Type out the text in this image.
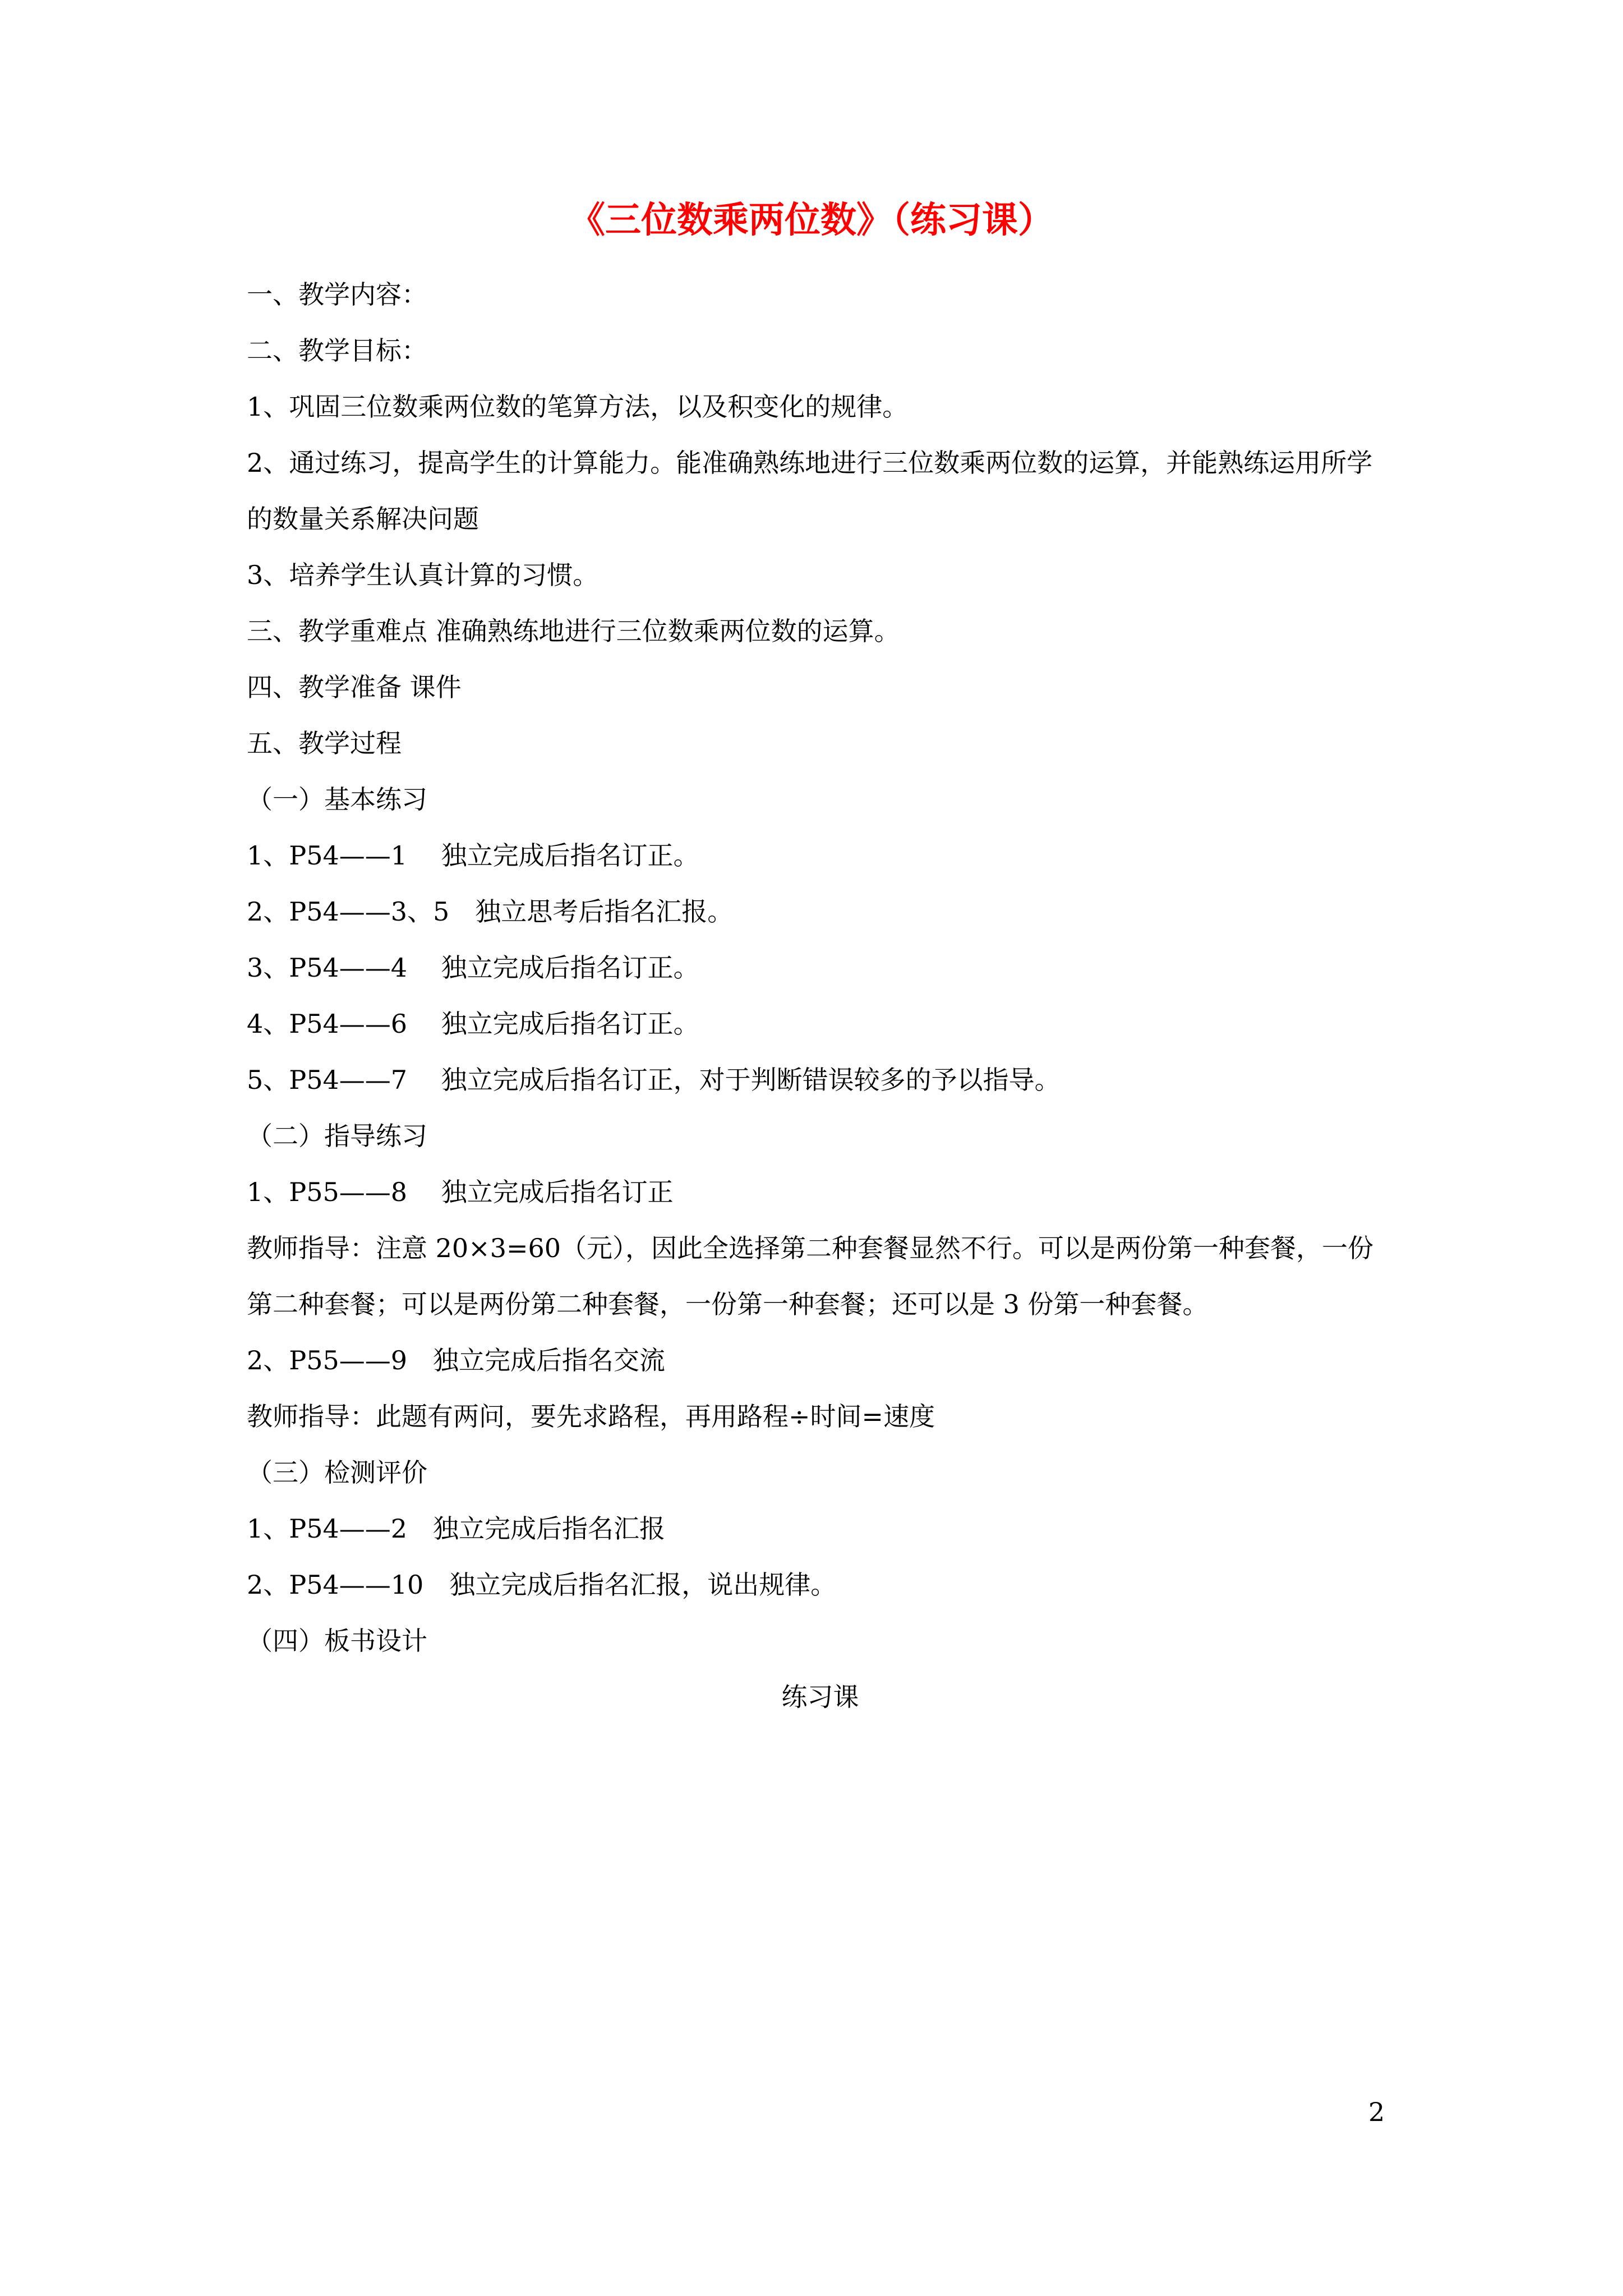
《三位数乘两位数》（练习课）
一、教学内容：
二、教学目标：
1、巩固三位数乘两位数的笔算方法，以及积变化的规律。
2、通过练习，提高学生的计算能力。能准确熟练地进行三位数乘两位数的运算，并能熟练运用所学的数量关系解决问题
3、培养学生认真计算的习惯。
三、教学重难点 准确熟练地进行三位数乘两位数的运算。
四、教学准备 课件
五、教学过程
（一）基本练习
1、P54——1　 独立完成后指名订正。
2、P54——3、5　独立思考后指名汇报。
3、P54——4　 独立完成后指名订正。
4、P54——6　 独立完成后指名订正。
5、P54——7　 独立完成后指名订正，对于判断错误较多的予以指导。
（二）指导练习
1、P55——8　 独立完成后指名订正
教师指导：注意 20×3=60（元），因此全选择第二种套餐显然不行。可以是两份第一种套餐，一份第二种套餐；可以是两份第二种套餐，一份第一种套餐；还可以是 3 份第一种套餐。
2、P55——9　独立完成后指名交流
教师指导：此题有两问，要先求路程，再用路程÷时间=速度
（三）检测评价
1、P54——2　独立完成后指名汇报
2、P54——10　独立完成后指名汇报，说出规律。
（四）板书设计
练习课
2
